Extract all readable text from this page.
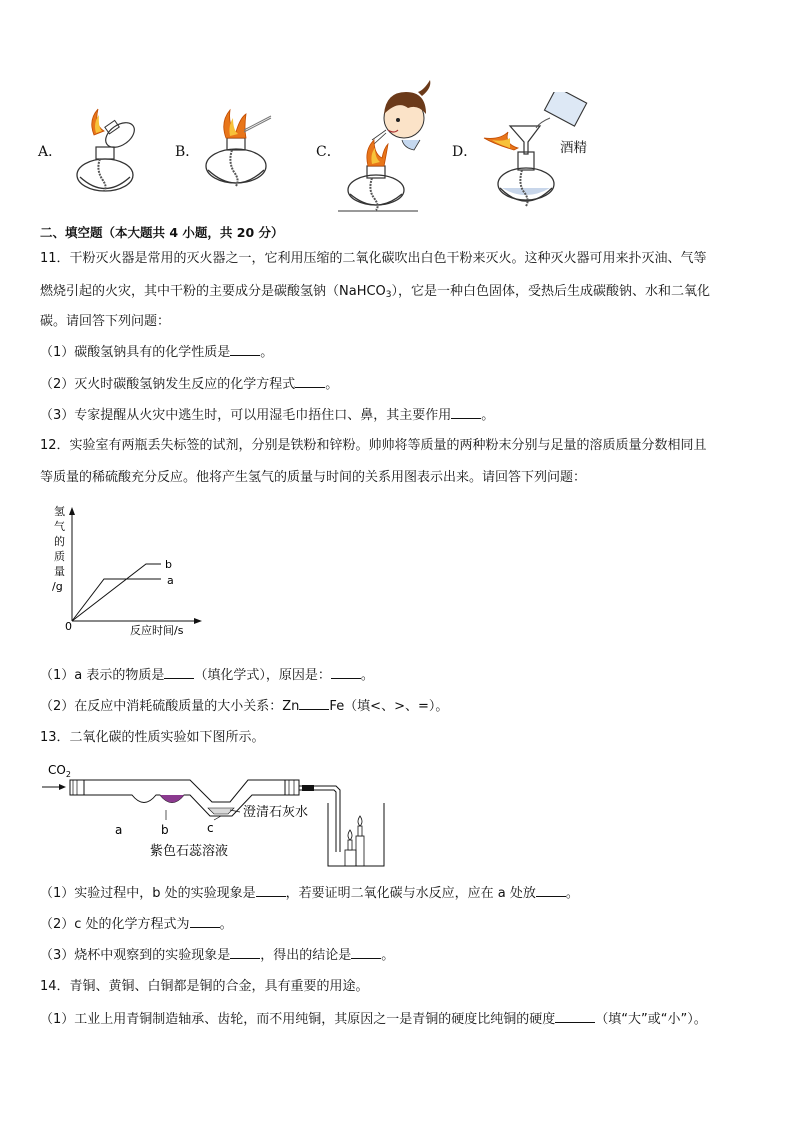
A．	B．	C．	D．	酒精
二、填空题（本大题共 4 小题，共 20 分）
11．干粉灭火器是常用的灭火器之一，它利用压缩的二氧化碳吹出白色干粉来灭火。这种灭火器可用来扑灭油、气等
燃烧引起的火灾，其中干粉的主要成分是碳酸氢钠（NaHCO$_3$），它是一种白色固体，受热后生成碳酸钠、水和二氧化
碳。请回答下列问题：
（1）碳酸氢钠具有的化学性质是 。
（2）灭火时碳酸氢钠发生反应的化学方程式 。
（3）专家提醒从火灾中逃生时，可以用湿毛巾捂住口、鼻，其主要作用 。
12．实验室有两瓶丢失标签的试剂，分别是铁粉和锌粉。帅帅将等质量的两种粉末分别与足量的溶质质量分数相同且
等质量的稀硫酸充分反应。他将产生氢气的质量与时间的关系用图表示出来。请回答下列问题：
氢
气
的
质
量
/g
0	反应时间/s
b
a
（1）a 表示的物质是 （填化学式），原因是： 。
（2）在反应中消耗硫酸质量的大小关系：Zn Fe（填<、>、=）。
13．二氧化碳的性质实验如下图所示。
$CO_2$
a	b	c
澄清石灰水
紫色石蕊溶液
（1）实验过程中，b 处的实验现象是 ，若要证明二氧化碳与水反应，应在 a 处放 。
（2）c 处的化学方程式为 。
（3）烧杯中观察到的实验现象是 ，得出的结论是 。
14．青铜、黄铜、白铜都是铜的合金，具有重要的用途。
（1）工业上用青铜制造轴承、齿轮，而不用纯铜，其原因之一是青铜的硬度比纯铜的硬度	（填“大”或“小”）。
